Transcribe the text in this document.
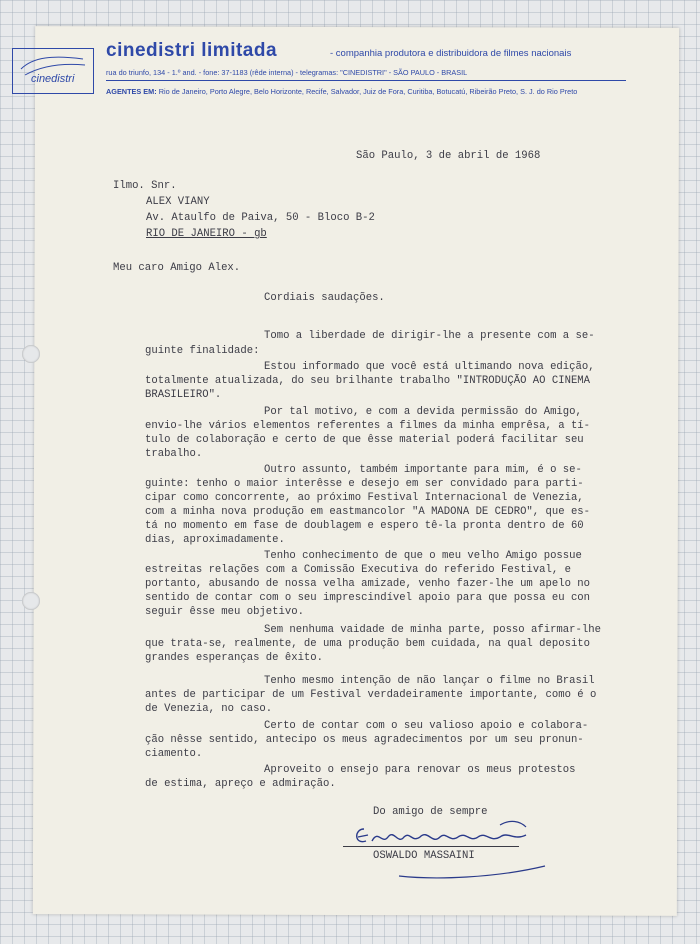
cinedistri
cinedistri limitada	- companhia produtora e distribuidora de filmes nacionais
rua do triunfo, 134 - 1.º and. - fone: 37-1183 (rêde interna) - telegramas: "CINEDISTRI" - SÃO PAULO - BRASIL
AGENTES EM: Rio de Janeiro, Porto Alegre, Belo Horizonte, Recife, Salvador, Juiz de Fora, Curitiba, Botucatú, Ribeirão Preto, S. J. do Rio Preto
São Paulo, 3 de abril de 1968
Ilmo. Snr.
ALEX VIANY
Av. Ataulfo de Paiva, 50 - Bloco B-2
RIO DE JANEIRO - gb
Meu caro Amigo Alex.
Cordiais saudações.
Tomo a liberdade de dirigir-lhe a presente com a se-
guinte finalidade:
Estou informado que você está ultimando nova edição,
totalmente atualizada, do seu brilhante trabalho "INTRODUÇÃO AO CINEMA
BRASILEIRO".
Por tal motivo, e com a devida permissão do Amigo,
envio-lhe vários elementos referentes a filmes da minha emprêsa, a tí-
tulo de colaboração e certo de que êsse material poderá facilitar seu
trabalho.
Outro assunto, também importante para mim, é o se-
guinte: tenho o maior interêsse e desejo em ser convidado para parti-
cipar como concorrente, ao próximo Festival Internacional de Venezia,
com a minha nova produção em eastmancolor "A MADONA DE CEDRO", que es-
tá no momento em fase de doublagem e espero tê-la pronta dentro de 60
dias, aproximadamente.
Tenho conhecimento de que o meu velho Amigo possue
estreitas relações com a Comissão Executiva do referido Festival, e
portanto, abusando de nossa velha amizade, venho fazer-lhe um apelo no
sentido de contar com o seu imprescindível apoio para que possa eu con
seguir êsse meu objetivo.
Sem nenhuma vaidade de minha parte, posso afirmar-lhe
que trata-se, realmente, de uma produção bem cuidada, na qual deposito
grandes esperanças de êxito.
Tenho mesmo intenção de não lançar o filme no Brasil
antes de participar de um Festival verdadeiramente importante, como é o
de Venezia, no caso.
Certo de contar com o seu valioso apoio e colabora-
ção nêsse sentido, antecipo os meus agradecimentos por um seu pronun-
ciamento.
Aproveito o ensejo para renovar os meus protestos
de estima, apreço e admiração.
Do amigo de sempre
OSWALDO MASSAINI
